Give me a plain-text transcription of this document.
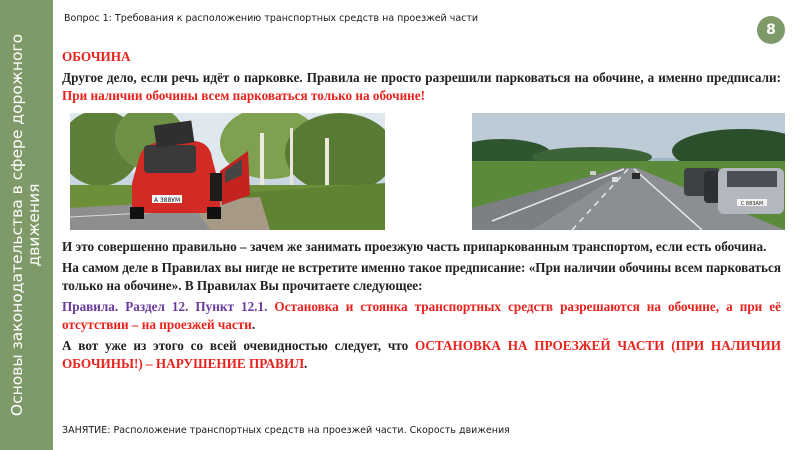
Основы законодательства в сфере дорожного движения
Вопрос 1: Требования к расположению транспортных средств на проезжей части
8
ОБОЧИНА

Другое дело, если речь идёт о парковке. Правила не просто разрешили парковаться на обочине, а именно предписали: При наличии обочины всем парковаться только на обочине!

А 388УМ	С 883АМ

И это совершенно правильно – зачем же занимать проезжую часть припаркованным транспортом, если есть обочина.

На самом деле в Правилах вы нигде не встретите именно такое предписание: «При наличии обочины всем парковаться только на обочине». В Правилах Вы прочитаете следующее:

Правила. Раздел 12. Пункт 12.1. Остановка и стоянка транспортных средств разрешаются на обочине, а при её отсутствии – на проезжей части.

А вот уже из этого со всей очевидностью следует, что ОСТАНОВКА НА ПРОЕЗЖЕЙ ЧАСТИ (ПРИ НАЛИЧИИ ОБОЧИНЫ!) – НАРУШЕНИЕ ПРАВИЛ.

ЗАНЯТИЕ: Расположение транспортных средств на проезжей части. Скорость движения
